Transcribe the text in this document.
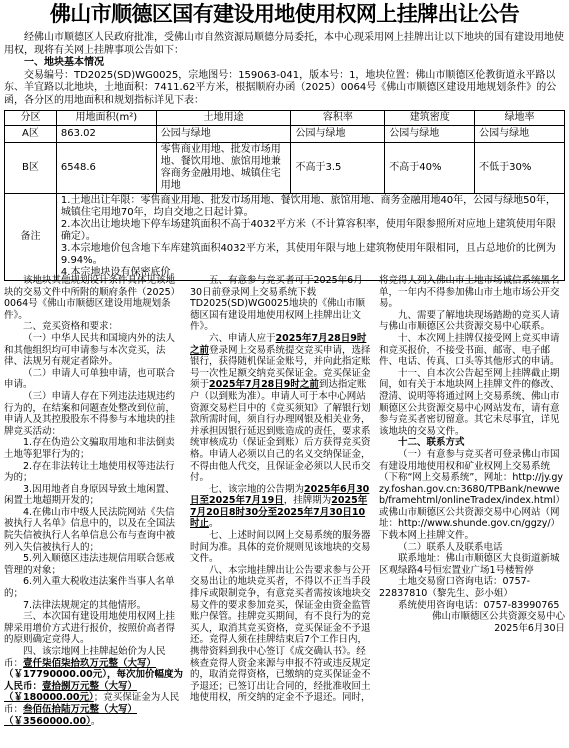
佛山市顺德区国有建设用地使用权网上挂牌出让公告

经佛山市顺德区人民政府批准，受佛山市自然资源局顺德分局委托，本中心现采用网上挂牌出让以下地块的国有建设用地使用权，现将有关网上挂牌事项公告如下：

一、地块基本情况

交易编号：TD2025(SD)WG0025，宗地图号：159063-041，版本号：1，地块位置：佛山市顺德区伦教街道永平路以东、羊宜路以北地块，土地面积：7411.62平方米，根据顺府办函（2025）0064号《佛山市顺德区建设用地规划条件》的公函，各分区的用地面积和规划指标详见下表：

分区	用地面积(m²)	土地用途	容积率	建筑密度	绿地率
A区	863.02	公园与绿地	公园与绿地	公园与绿地	公园与绿地
B区	6548.6	零售商业用地、批发市场用地、餐饮用地、旅馆用地兼容商务金融用地、城镇住宅用地	不高于3.5	不高于40%	不低于30%
备注	1.土地出让年限：零售商业用地、批发市场用地、餐饮用地、旅馆用地、商务金融用地40年，公园与绿地50年，城镇住宅用地70年，均自交地之日起计算。
2.本次出让地块地下停车场建筑面积不高于4032平方米（不计算容积率，使用年限参照所对应地上建筑使用年限确定）。
3.本宗地地价包含地下车库建筑面积4032平方米，其使用年限与地上建筑物使用年限相同，且占总地价的比例为9.94%。
4.本宗地块设有保密底价。				

该地块其他规划设计条件具体见该地块的交易文件中所附的顺府条件（2025）0064号《佛山市顺德区建设用地规划条件》。

二、竞买资格和要求：

（一）中华人民共和国境内外的法人和其他组织均可申请参与本次竞买，法律、法规另有规定者除外。

（二）申请人可单独申请，也可联合申请。

（三）申请人存在下列违法违规违约行为的，在结案和问题查处整改到位前，申请人及其控股股东不得参与本地块的挂牌竞买活动：

1.存在伪造公文骗取用地和非法倒卖土地等犯罪行为的；

2.存在非法转让土地使用权等违法行为的；

3.因用地者自身原因导致土地闲置、闲置土地超期开发的；

4.在佛山市中级人民法院网站《失信被执行人名单》信息中的，以及在全国法院失信被执行人名单信息公布与查询中被列入失信被执行人的；

5.列入顺德区违法违规信用联合惩戒管理的对象；

6.列入重大税收违法案件当事人名单的；

7.法律法规规定的其他情形。

三、本次国有建设用地使用权网上挂牌采用增价方式进行报价，按照价高者得的原则确定竞得人。

四、该宗地网上挂牌起始价为人民币：壹仟柒佰柒拾玖万元整（大写）（￥17790000.00元），每次加价幅度为人民币：壹拾捌万元整（大写）（￥180000.00元）；竞买保证金为人民币：叁佰伍拾陆万元整（大写）（￥3560000.00）。

五、有意参与竞买者可于2025年6月30日前登录网上交易系统下载TD2025(SD)WG0025地块的《佛山市顺德区国有建设用地使用权网上挂牌出让文件》。

六、申请人应于2025年7月28日9时之前登录网上交易系统提交竞买申请，选择银行，获得随机保证金账号，并向此指定账号一次性足额交纳竞买保证金。竞买保证金须于2025年7月28日9时之前到达指定账户（以到账为准）。申请人可于本中心网站资源交易栏目中的《竞买须知》了解银行划款所需时间，须自行办理网银及相关业务，并承担因银行延迟到账造成的责任，要求系统审核成功（保证金到账）后方获得竞买资格。申请人必须以自己的名义交纳保证金，不得由他人代交，且保证金必须以人民币交付。

七、该宗地的公告期为2025年6月30日至2025年7月19日，挂牌期为2025年7月20日8时30分至2025年7月30日10时止。

七、上述时间以网上交易系统的服务器时间为准。具体的竞价规则见该地块的交易文件。

八、本宗地挂牌出让公告要求参与公开交易出让的地块竞买者，不得以不正当手段排斥或限制竞争，有意竞买者需按该地块交易文件的要求参加竞买，保证金由资金监管账户保管。挂牌竞买期间，有不良行为的竞买人，取消其竞买资格，竞买保证金不予退还。竞得人须在挂牌结束后7个工作日内，携带资料到我中心签订《成交确认书》。经核查竞得人资金来源与申报不符或违反规定的，取消竞得资格，已缴纳的竞买保证金不予退还；已签订出让合同的，经批准收回土地使用权，所交纳的定金不予退还。同时，

将竞得人列入佛山市土地市场诚信系统黑名单，一年内不得参加佛山市土地市场公开交易。

九、需要了解地块现场踏勘的竞买人请与佛山市顺德区公共资源交易中心联系。

十、本次网上挂牌仅接受网上竞买申请和竞买报价，不接受书面、邮寄、电子邮件、电话、传真、口头等其他形式的申请。

十一、自本次公告起至网上挂牌截止期间，如有关于本地块网上挂牌文件的修改、澄清、说明等将通过网上交易系统、佛山市顺德区公共资源交易中心网站发布，请有意参与竞买者密切留意。其它未尽事宜，详见该地块的交易文件。

十二、联系方式

（一）有意参与竞买者可登录佛山市国有建设用地使用权和矿业权网上交易系统（下称“网上交易系统”，网址：http://jy.gyzy.foshan.gov.cn:3680/TPBank/newweb/framehtml/onlineTradex/index.html）或佛山市顺德区公共资源交易中心网站（网址：http://www.shunde.gov.cn/ggzy/）下载本网上挂牌文件。

（二）联系人及联系电话

联系地址：佛山市顺德区大良街道新城区观绿路4号恒宏置业广场1号楼暂停

土地交易窗口咨询电话：0757-22837810（黎先生、彭小姐）

系统使用咨询电话：0757-83990765

佛山市顺德区公共资源交易中心

2025年6月30日
